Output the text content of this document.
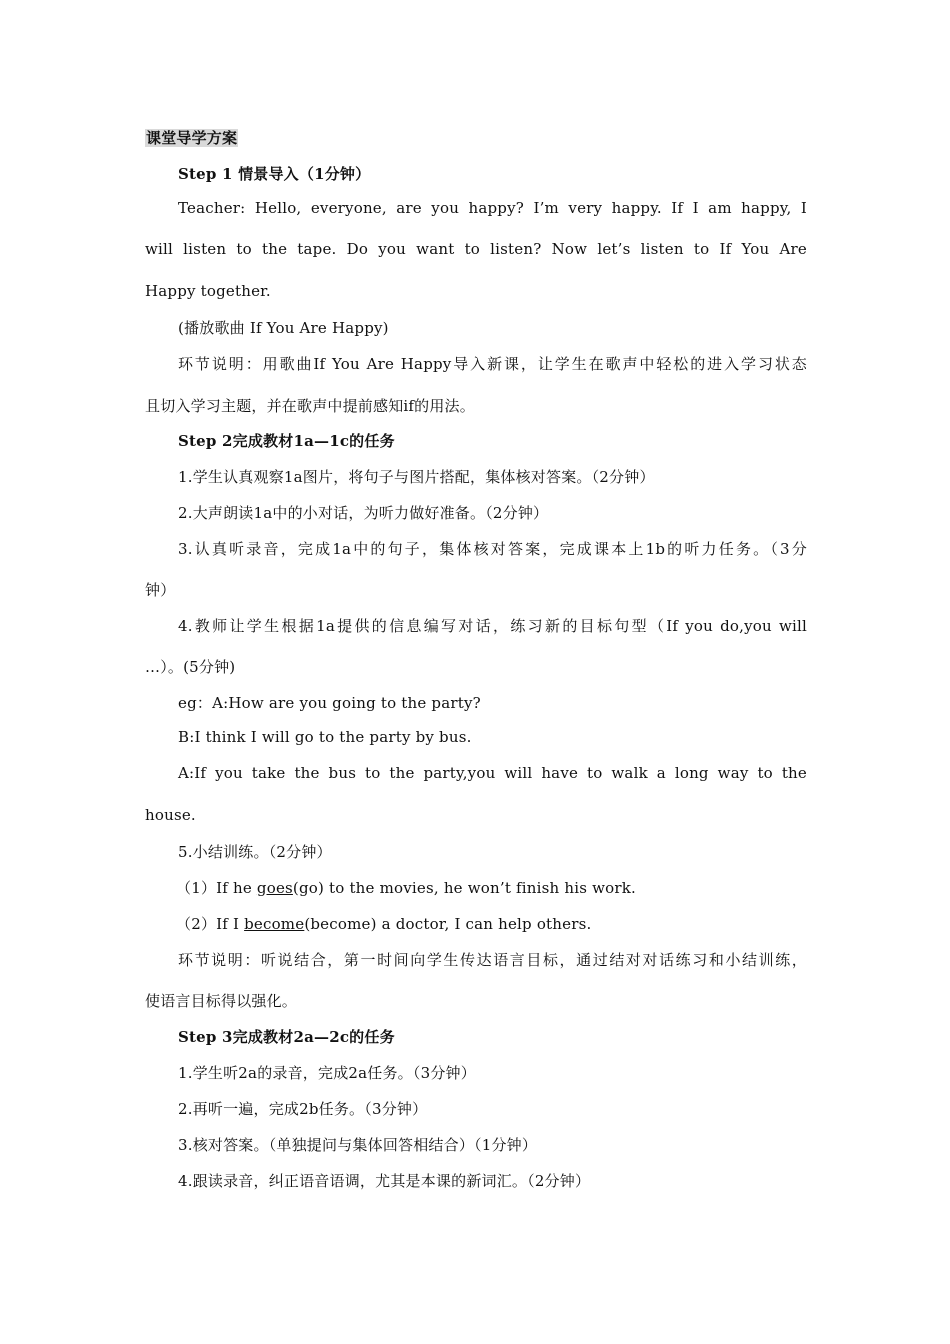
课堂导学方案
Step 1 情景导入（1分钟）
Teacher: Hello, everyone, are you happy? I’m very happy. If I am happy, I
will listen to the tape. Do you want to listen? Now let’s listen to If You Are
Happy together.
(播放歌曲 If You Are Happy)
环节说明：用歌曲If You Are Happy导入新课，让学生在歌声中轻松的进入学习状态
且切入学习主题，并在歌声中提前感知if的用法。
Step 2完成教材1a—1c的任务
1.学生认真观察1a图片，将句子与图片搭配，集体核对答案。（2分钟）
2.大声朗读1a中的小对话，为听力做好准备。（2分钟）
3.认真听录音，完成1a中的句子，集体核对答案，完成课本上1b的听力任务。（3分
钟）
4.教师让学生根据1a提供的信息编写对话，练习新的目标句型（If you do,you will
…）。(5分钟)
eg：A:How are you going to the party?
B:I think I will go to the party by bus.
A:If you take the bus to the party,you will have to walk a long way to the
house.
5.小结训练。（2分钟）
（1）If he goes(go) to the movies, he won’t finish his work.
（2）If I become(become) a doctor, I can help others.
环节说明：听说结合，第一时间向学生传达语言目标，通过结对对话练习和小结训练，
使语言目标得以强化。
Step 3完成教材2a—2c的任务
1.学生听2a的录音，完成2a任务。（3分钟）
2.再听一遍，完成2b任务。（3分钟）
3.核对答案。（单独提问与集体回答相结合）（1分钟）
4.跟读录音，纠正语音语调，尤其是本课的新词汇。（2分钟）
